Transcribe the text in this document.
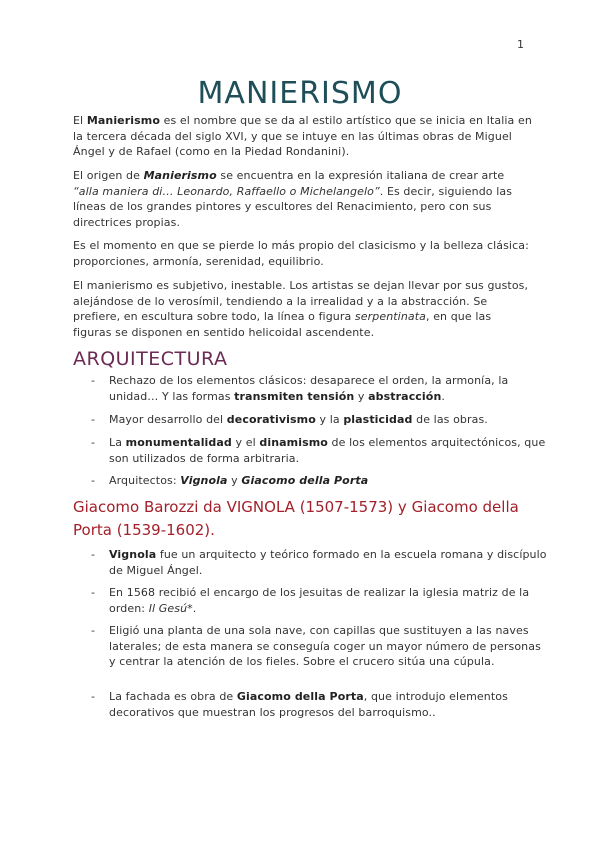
1
MANIERISMO

El Manierismo es el nombre que se da al estilo artístico que se inicia en Italia en la tercera década del siglo XVI, y que se intuye en las últimas obras de Miguel Ángel y de Rafael (como en la Piedad Rondanini).

El origen de Manierismo se encuentra en la expresión italiana de crear arte “alla maniera di… Leonardo, Raffaello o Michelangelo”. Es decir, siguiendo las líneas de los grandes pintores y escultores del Renacimiento, pero con sus directrices propias.

Es el momento en que se pierde lo más propio del clasicismo y la belleza clásica: proporciones, armonía, serenidad, equilibrio.

El manierismo es subjetivo, inestable. Los artistas se dejan llevar por sus gustos, alejándose de lo verosímil, tendiendo a la irrealidad y a la abstracción. Se prefiere, en escultura sobre todo, la línea o figura serpentinata, en que las figuras se disponen en sentido helicoidal ascendente.

ARQUITECTURA

- Rechazo de los elementos clásicos: desaparece el orden, la armonía, la unidad… Y las formas transmiten tensión y abstracción.

- Mayor desarrollo del decorativismo y la plasticidad de las obras.

- La monumentalidad y el dinamismo de los elementos arquitectónicos, que son utilizados de forma arbitraria.

- Arquitectos: Vignola y Giacomo della Porta

Giacomo Barozzi da VIGNOLA (1507-1573) y Giacomo della Porta (1539-1602).

- Vignola fue un arquitecto y teórico formado en la escuela romana y discípulo de Miguel Ángel.

- En 1568 recibió el encargo de los jesuitas de realizar la iglesia matriz de la orden: Il Gesú*.

- Eligió una planta de una sola nave, con capillas que sustituyen a las naves laterales; de esta manera se conseguía coger un mayor número de personas y centrar la atención de los fieles. Sobre el crucero sitúa una cúpula.

- La fachada es obra de Giacomo della Porta, que introdujo elementos decorativos que muestran los progresos del barroquismo..
